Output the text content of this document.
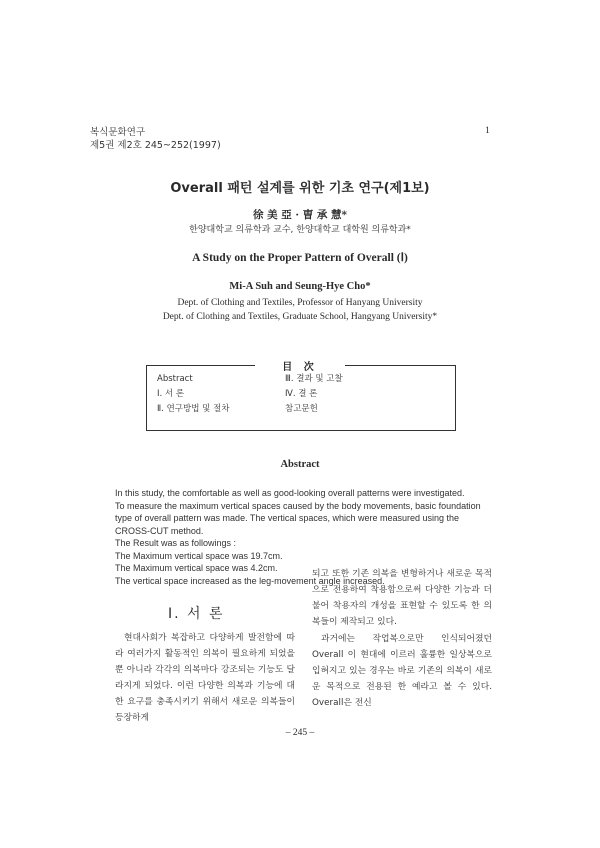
복식문화연구
제5권 제2호 245~252(1997)
1
Overall 패턴 설계를 위한 기초 연구(제1보)
徐 美 亞 · 曺 承 慧*
한양대학교 의류학과 교수, 한양대학교 대학원 의류학과*
A Study on the Proper Pattern of Overall (Ⅰ)
Mi-A Suh and Seung-Hye Cho*
Dept. of Clothing and Textiles, Professor of Hanyang University
Dept. of Clothing and Textiles, Graduate School, Hangyang University*
Abstract
Ⅰ. 서 론
Ⅱ. 연구방법 및 절차
Ⅲ. 결과 및 고찰
Ⅳ. 결 론
참고문헌
目 次
Abstract

In this study, the comfortable as well as good-looking overall patterns were investigated.

To measure the maximum vertical spaces caused by the body movements, basic foundation type of overall pattern was made. The vertical spaces, which were measured using the CROSS-CUT method.

The Result was as followings :

The Maximum vertical space was 19.7cm.

The Maximum vertical space was 4.2cm.

The vertical space increased as the leg-movement angle increased.

Ⅰ. 서 론

현대사회가 복잡하고 다양하게 발전함에 따라 여러가지 활동적인 의복이 필요하게 되었을 뿐 아니라 각각의 의복마다 강조되는 기능도 달라지게 되었다. 이런 다양한 의복과 기능에 대한 요구를 충족시키기 위해서 새로운 의복들이 등장하게

되고 또한 기존 의복을 변형하거나 새로운 목적으로 전용하여 착용함으로써 다양한 기능과 더불어 착용자의 개성을 표현할 수 있도록 한 의복들이 제작되고 있다.

과거에는 작업복으로만 인식되어졌던 Overall 이 현대에 이르러 훌륭한 일상복으로 입혀지고 있는 경우는 바로 기존의 의복이 새로운 목적으로 전용된 한 예라고 볼 수 있다. Overall은 전신

– 245 –
